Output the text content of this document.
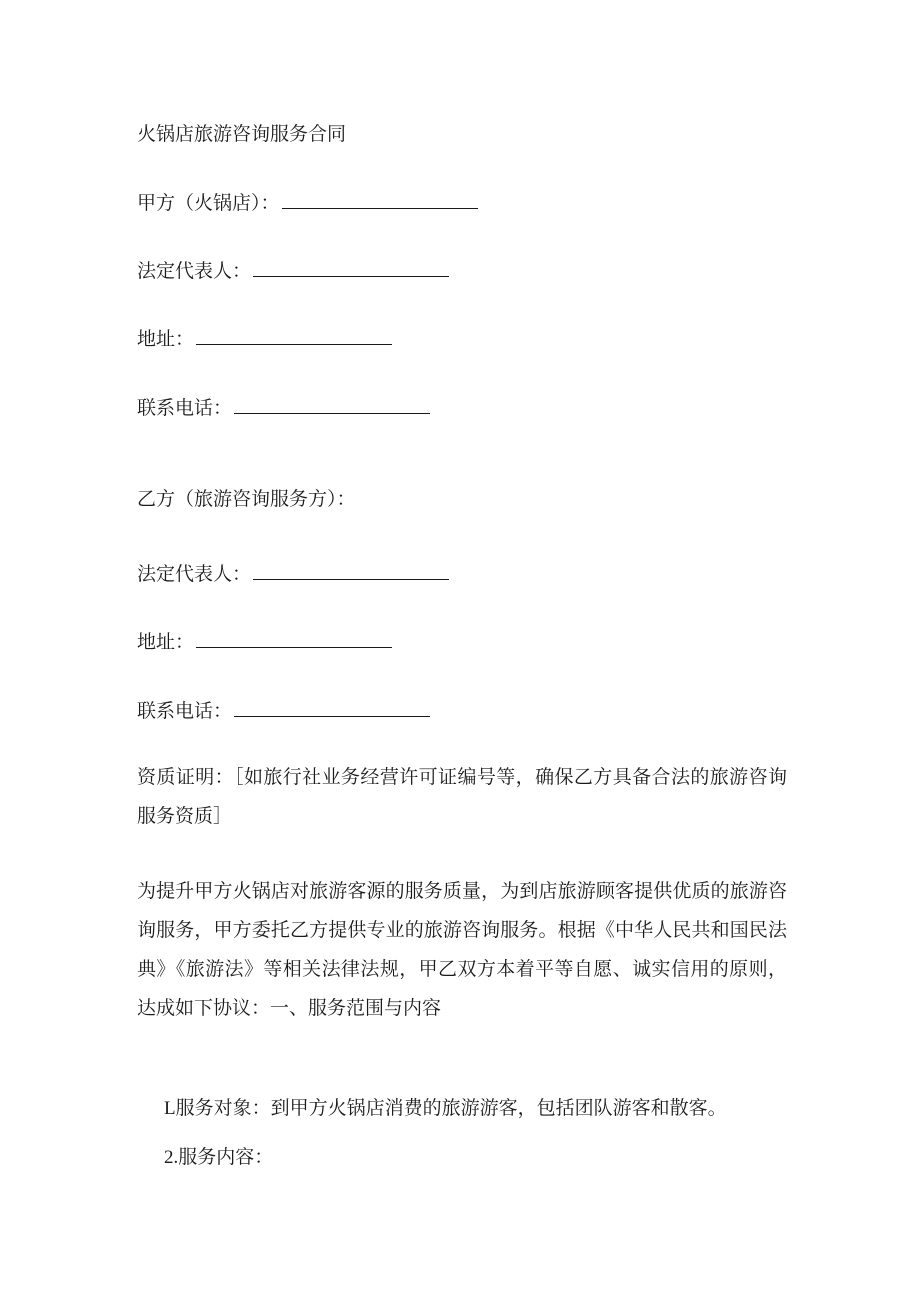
火锅店旅游咨询服务合同
甲方（火锅店）：
法定代表人：
地址：
联系电话：
乙方（旅游咨询服务方）：
法定代表人：
地址：
联系电话：
资质证明：［如旅行社业务经营许可证编号等，确保乙方具备合法的旅游咨询服务资质］
为提升甲方火锅店对旅游客源的服务质量，为到店旅游顾客提供优质的旅游咨询服务，甲方委托乙方提供专业的旅游咨询服务。根据《中华人民共和国民法典》《旅游法》等相关法律法规，甲乙双方本着平等自愿、诚实信用的原则，达成如下协议：一、服务范围与内容
L服务对象：到甲方火锅店消费的旅游游客，包括团队游客和散客。
2.服务内容：
